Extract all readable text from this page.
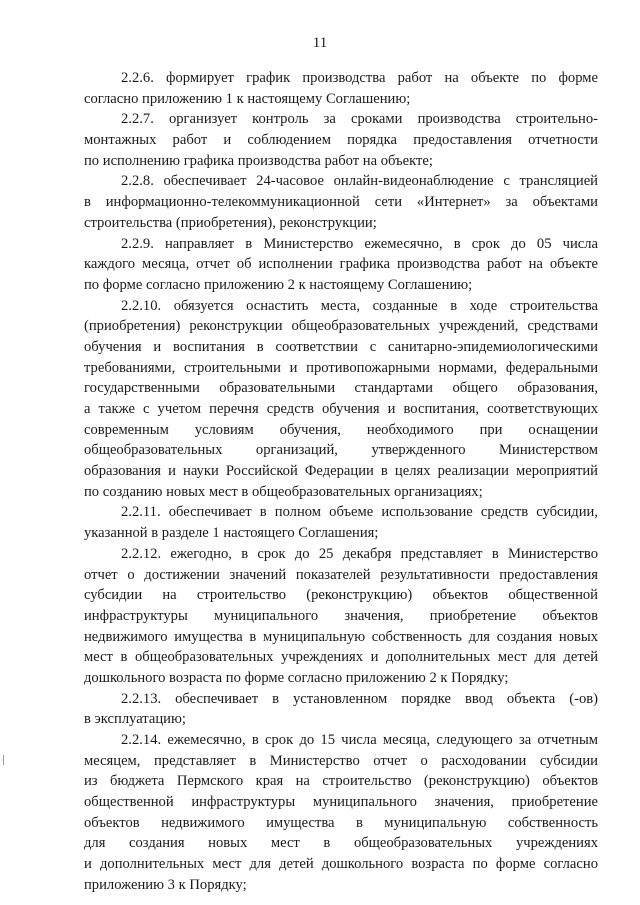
11

2.2.6. формирует график производства работ на объекте по форме
согласно приложению 1 к настоящему Соглашению;

2.2.7. организует контроль за сроками производства строительно-
монтажных работ и соблюдением порядка предоставления отчетности
по исполнению графика производства работ на объекте;

2.2.8. обеспечивает 24-часовое онлайн-видеонаблюдение с трансляцией
в информационно-телекоммуникационной сети «Интернет» за объектами
строительства (приобретения), реконструкции;

2.2.9. направляет в Министерство ежемесячно, в срок до 05 числа
каждого месяца, отчет об исполнении графика производства работ на объекте
по форме согласно приложению 2 к настоящему Соглашению;

2.2.10. обязуется оснастить места, созданные в ходе строительства
(приобретения) реконструкции общеобразовательных учреждений, средствами
обучения и воспитания в соответствии с санитарно-эпидемиологическими
требованиями, строительными и противопожарными нормами, федеральными
государственными образовательными стандартами общего образования,
а также с учетом перечня средств обучения и воспитания, соответствующих
современным условиям обучения, необходимого при оснащении
общеобразовательных организаций, утвержденного Министерством
образования и науки Российской Федерации в целях реализации мероприятий
по созданию новых мест в общеобразовательных организациях;

2.2.11. обеспечивает в полном объеме использование средств субсидии,
указанной в разделе 1 настоящего Соглашения;

2.2.12. ежегодно, в срок до 25 декабря представляет в Министерство
отчет о достижении значений показателей результативности предоставления
субсидии на строительство (реконструкцию) объектов общественной
инфраструктуры муниципального значения, приобретение объектов
недвижимого имущества в муниципальную собственность для создания новых
мест в общеобразовательных учреждениях и дополнительных мест для детей
дошкольного возраста по форме согласно приложению 2 к Порядку;

2.2.13. обеспечивает в установленном порядке ввод объекта (-ов)
в эксплуатацию;

2.2.14. ежемесячно, в срок до 15 числа месяца, следующего за отчетным
месяцем, представляет в Министерство отчет о расходовании субсидии
из бюджета Пермского края на строительство (реконструкцию) объектов
общественной инфраструктуры муниципального значения, приобретение
объектов недвижимого имущества в муниципальную собственность
для создания новых мест в общеобразовательных учреждениях
и дополнительных мест для детей дошкольного возраста по форме согласно
приложению 3 к Порядку;
